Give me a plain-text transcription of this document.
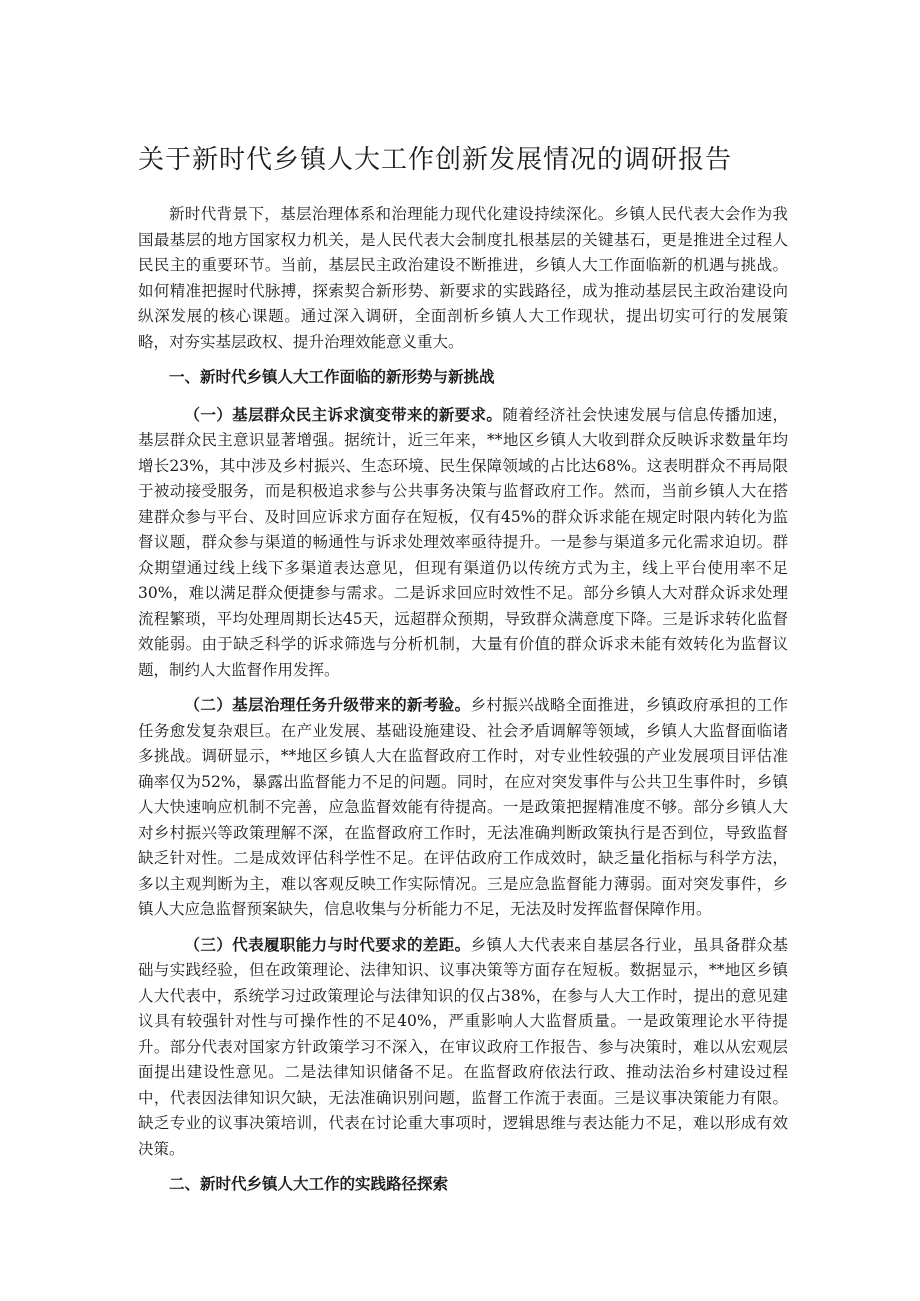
关于新时代乡镇人大工作创新发展情况的调研报告

新时代背景下，基层治理体系和治理能力现代化建设持续深化。乡镇人民代表大会作为我国最基层的地方国家权力机关，是人民代表大会制度扎根基层的关键基石，更是推进全过程人民民主的重要环节。当前，基层民主政治建设不断推进，乡镇人大工作面临新的机遇与挑战。如何精准把握时代脉搏，探索契合新形势、新要求的实践路径，成为推动基层民主政治建设向纵深发展的核心课题。通过深入调研，全面剖析乡镇人大工作现状，提出切实可行的发展策略，对夯实基层政权、提升治理效能意义重大。

一、新时代乡镇人大工作面临的新形势与新挑战

（一）基层群众民主诉求演变带来的新要求。随着经济社会快速发展与信息传播加速，基层群众民主意识显著增强。据统计，近三年来，**地区乡镇人大收到群众反映诉求数量年均增长23%，其中涉及乡村振兴、生态环境、民生保障领域的占比达68%。这表明群众不再局限于被动接受服务，而是积极追求参与公共事务决策与监督政府工作。然而，当前乡镇人大在搭建群众参与平台、及时回应诉求方面存在短板，仅有45%的群众诉求能在规定时限内转化为监督议题，群众参与渠道的畅通性与诉求处理效率亟待提升。一是参与渠道多元化需求迫切。群众期望通过线上线下多渠道表达意见，但现有渠道仍以传统方式为主，线上平台使用率不足30%，难以满足群众便捷参与需求。二是诉求回应时效性不足。部分乡镇人大对群众诉求处理流程繁琐，平均处理周期长达45天，远超群众预期，导致群众满意度下降。三是诉求转化监督效能弱。由于缺乏科学的诉求筛选与分析机制，大量有价值的群众诉求未能有效转化为监督议题，制约人大监督作用发挥。

（二）基层治理任务升级带来的新考验。乡村振兴战略全面推进，乡镇政府承担的工作任务愈发复杂艰巨。在产业发展、基础设施建设、社会矛盾调解等领域，乡镇人大监督面临诸多挑战。调研显示，**地区乡镇人大在监督政府工作时，对专业性较强的产业发展项目评估准确率仅为52%，暴露出监督能力不足的问题。同时，在应对突发事件与公共卫生事件时，乡镇人大快速响应机制不完善，应急监督效能有待提高。一是政策把握精准度不够。部分乡镇人大对乡村振兴等政策理解不深，在监督政府工作时，无法准确判断政策执行是否到位，导致监督缺乏针对性。二是成效评估科学性不足。在评估政府工作成效时，缺乏量化指标与科学方法，多以主观判断为主，难以客观反映工作实际情况。三是应急监督能力薄弱。面对突发事件，乡镇人大应急监督预案缺失，信息收集与分析能力不足，无法及时发挥监督保障作用。

（三）代表履职能力与时代要求的差距。乡镇人大代表来自基层各行业，虽具备群众基础与实践经验，但在政策理论、法律知识、议事决策等方面存在短板。数据显示，**地区乡镇人大代表中，系统学习过政策理论与法律知识的仅占38%，在参与人大工作时，提出的意见建议具有较强针对性与可操作性的不足40%，严重影响人大监督质量。一是政策理论水平待提升。部分代表对国家方针政策学习不深入，在审议政府工作报告、参与决策时，难以从宏观层面提出建设性意见。二是法律知识储备不足。在监督政府依法行政、推动法治乡村建设过程中，代表因法律知识欠缺，无法准确识别问题，监督工作流于表面。三是议事决策能力有限。缺乏专业的议事决策培训，代表在讨论重大事项时，逻辑思维与表达能力不足，难以形成有效决策。

二、新时代乡镇人大工作的实践路径探索
